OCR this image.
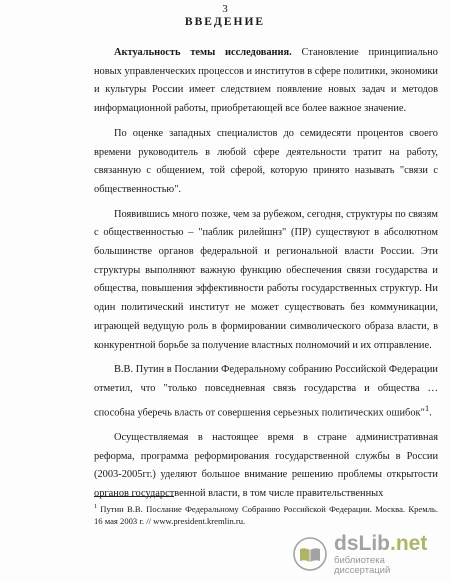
3
ВВЕДЕНИЕ

Актуальность темы исследования. Становление принципиально новых управленческих процессов и институтов в сфере политики, экономики и культуры России имеет следствием появление новых задач и методов информационной работы, приобретающей все более важное значение.

По оценке западных специалистов до семидесяти процентов своего времени руководитель в любой сфере деятельности тратит на работу, связанную с общением, той сферой, которую принято называть "связи с общественностью".

Появившись много позже, чем за рубежом, сегодня, структуры по связям с общественностью – "паблик рилейшнз" (ПР) существуют в абсолютном большинстве органов федеральной и региональной власти России. Эти структуры выполняют важную функцию обеспечения связи государства и общества, повышения эффективности работы государственных структур. Ни один политический институт не может существовать без коммуникации, играющей ведущую роль в формировании символического образа власти, в конкурентной борьбе за получение властных полномочий и их отправление.

В.В. Путин в Послании Федеральному собранию Российской Федерации отметил, что "только повседневная связь государства и общества … способна уберечь власть от совершения серьезных политических ошибок"$^1$.

Осуществляемая в настоящее время в стране административная реформа, программа реформирования государственной службы в России (2003-2005гг.) уделяют большое внимание решению проблемы открытости органов государственной власти, в том числе правительственных

$^1$ Путин В.В. Послание Федеральному Собранию Российской Федерации. Москва. Кремль. 16 мая 2003 г. // www.president.kremlin.ru.
dsLib.net
библиотека диссертаций
